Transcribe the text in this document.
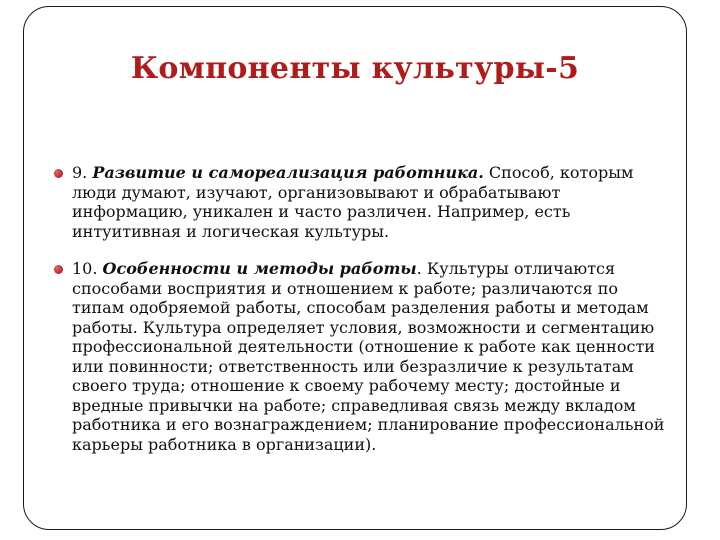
Компоненты культуры-5
9. Развитие и самореализация работника. Способ, которым люди думают, изучают, организовывают и обрабатывают информацию, уникален и часто различен. Например, есть интуитивная и логическая культуры.
10. Особенности и методы работы. Культуры отличаются способами восприятия и отношением к работе; различаются по типам одобряемой работы, способам разделения работы и методам работы. Культура определяет условия, возможности и сегментацию профессиональной деятельности (отношение к работе как ценности или повинности; ответственность или безразличие к результатам своего труда; отношение к своему рабочему месту; достойные и вредные привычки на работе; справедливая связь между вкладом работника и его вознаграждением; планирование профессиональной карьеры работника в организации).
